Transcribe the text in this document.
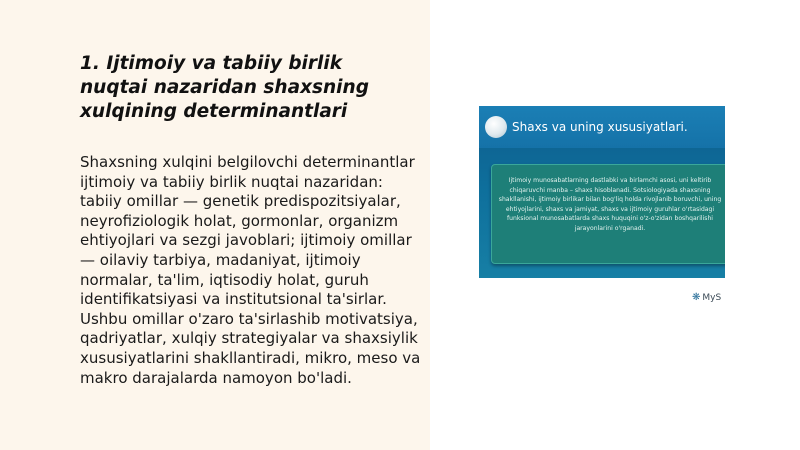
1. Ijtimoiy va tabiiy birlik nuqtai nazaridan shaxsning xulqining determinantlari

Shaxsning xulqini belgilovchi determinantlar ijtimoiy va tabiiy birlik nuqtai nazaridan: tabiiy omillar — genetik predispozitsiyalar, neyrofiziologik holat, gormonlar, organizm ehtiyojlari va sezgi javoblari; ijtimoiy omillar — oilaviy tarbiya, madaniyat, ijtimoiy normalar, ta'lim, iqtisodiy holat, guruh identifikatsiyasi va institutsional ta'sirlar. Ushbu omillar o'zaro ta'sirlashib motivatsiya, qadriyatlar, xulqiy strategiyalar va shaxsiylik xususiyatlarini shakllantiradi, mikro, meso va makro darajalarda namoyon bo'ladi.

Shaxs va uning xususiyatlari.
Ijtimoiy munosabatlarning dastlabki va birlamchi asosi, uni keltirib chiqaruvchi manba – shaxs hisoblanadi. Sotsiologiyada shaxsning shakllanishi, ijtimoiy birlikar bilan bog'liq holda rivojlanib boruvchi, uning ehtiyojlarini, shaxs va jamiyat, shaxs va ijtimoiy guruhlar o'rtasidagi funksional munosabatlarda shaxs huquqini o'z-o'zidan boshqarilishi jarayonlarini o'rganadi.
❋ MyS
